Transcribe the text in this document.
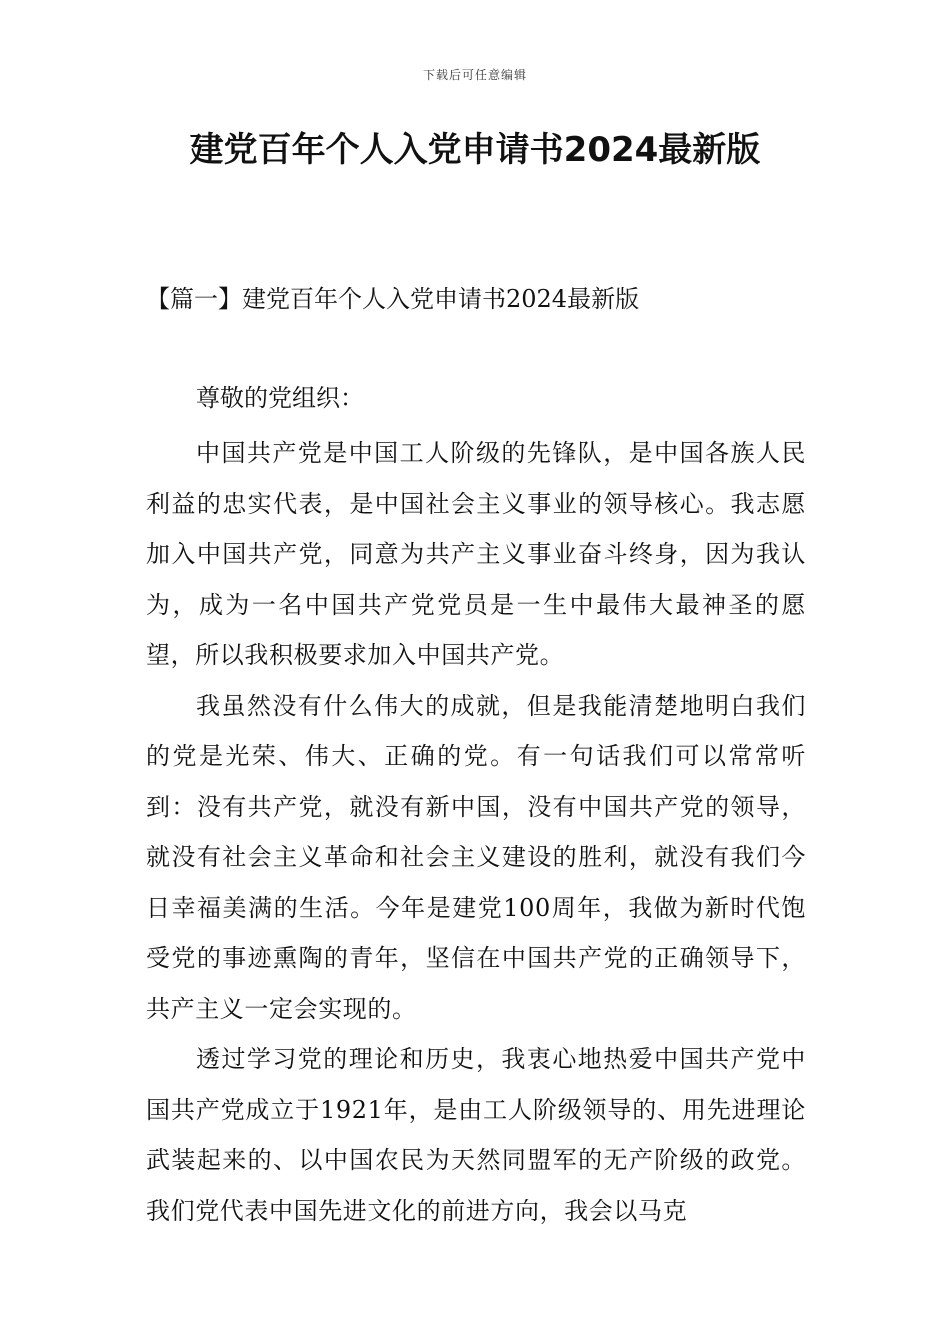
下载后可任意编辑
建党百年个人入党申请书2024最新版
【篇一】建党百年个人入党申请书2024最新版

尊敬的党组织：

中国共产党是中国工人阶级的先锋队，是中国各族人民利益的忠实代表，是中国社会主义事业的领导核心。我志愿加入中国共产党，同意为共产主义事业奋斗终身，因为我认为，成为一名中国共产党党员是一生中最伟大最神圣的愿望，所以我积极要求加入中国共产党。

我虽然没有什么伟大的成就，但是我能清楚地明白我们的党是光荣、伟大、正确的党。有一句话我们可以常常听到：没有共产党，就没有新中国，没有中国共产党的领导，就没有社会主义革命和社会主义建设的胜利，就没有我们今日幸福美满的生活。今年是建党100周年，我做为新时代饱受党的事迹熏陶的青年，坚信在中国共产党的正确领导下，共产主义一定会实现的。

透过学习党的理论和历史，我衷心地热爱中国共产党中国共产党成立于1921年，是由工人阶级领导的、用先进理论武装起来的、以中国农民为天然同盟军的无产阶级的政党。我们党代表中国先进文化的前进方向，我会以马克
